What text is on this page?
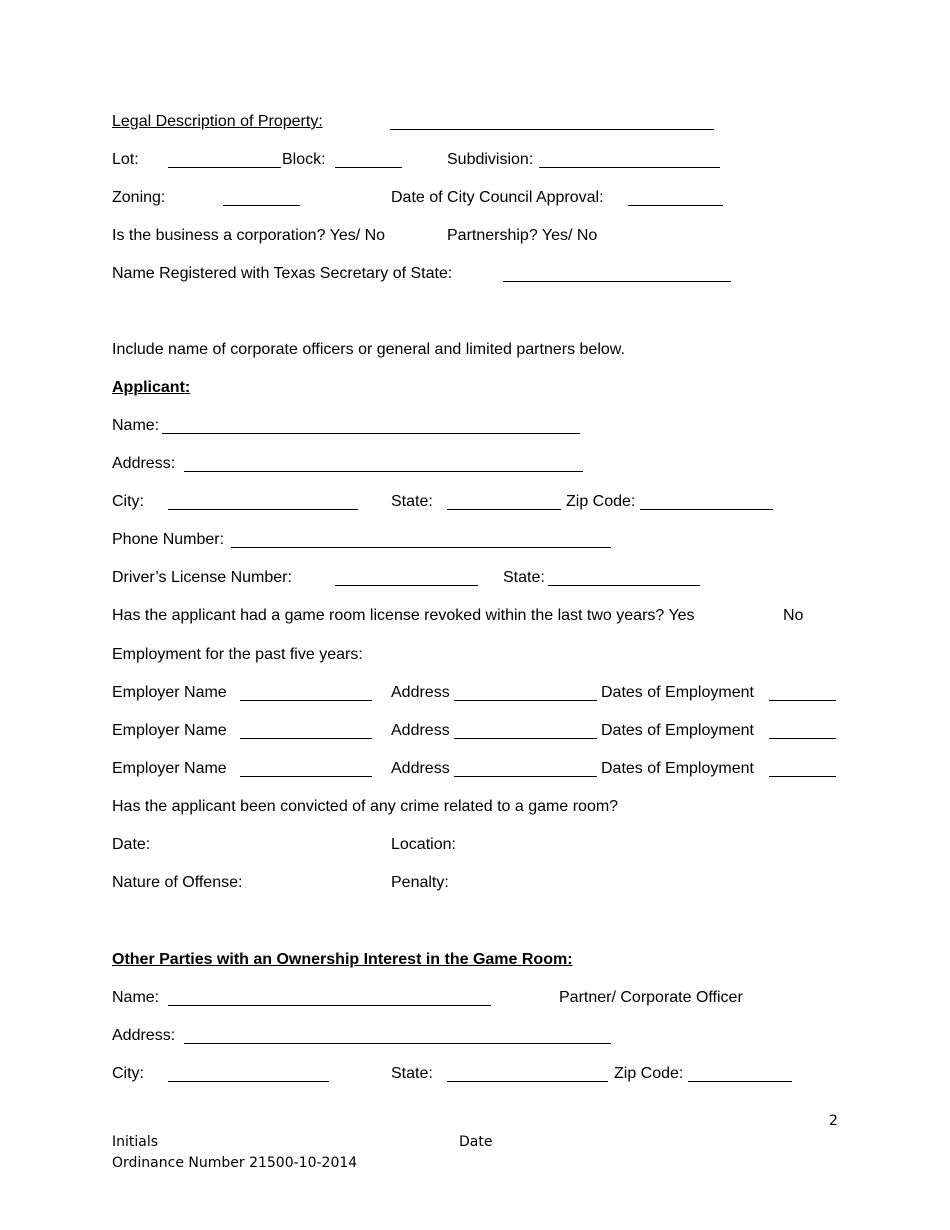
Legal Description of Property:
Lot:	Block:	Subdivision:
Zoning:	Date of City Council Approval:
Is the business a corporation? Yes/ No	Partnership? Yes/ No
Name Registered with Texas Secretary of State:
Include name of corporate officers or general and limited partners below.
Applicant:
Name:
Address:
City:	State:	Zip Code:
Phone Number:
Driver’s License Number:	State:
Has the applicant had a game room license revoked within the last two years? Yes	No
Employment for the past five years:
Employer Name	Address	Dates of Employment
Employer Name	Address	Dates of Employment
Employer Name	Address	Dates of Employment
Has the applicant been convicted of any crime related to a game room?
Date:	Location:
Nature of Offense:	Penalty:
Other Parties with an Ownership Interest in the Game Room:
Name:	Partner/ Corporate Officer
Address:
City:	State:	Zip Code:
2
Initials	Date
Ordinance Number 21500-10-2014
